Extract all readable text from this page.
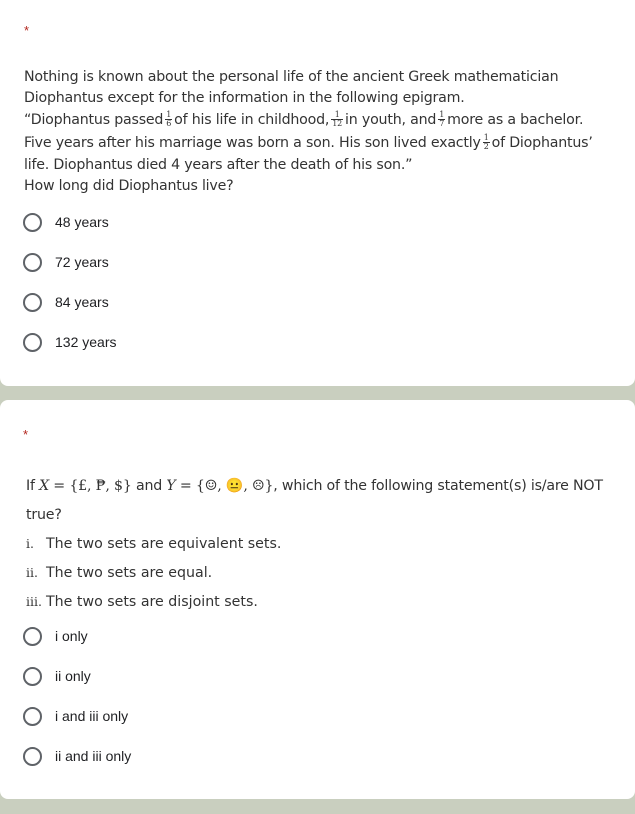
*
Nothing is known about the personal life of the ancient Greek mathematician
Diophantus except for the information in the following epigram.
“Diophantus passed $\frac{1}{6}$ of his life in childhood, $\frac{1}{12}$ in youth, and $\frac{1}{7}$ more as a bachelor.
Five years after his marriage was born a son. His son lived exactly $\frac{1}{2}$ of Diophantus’
life. Diophantus died 4 years after the death of his son.”
How long did Diophantus live?
48 years
72 years
84 years
132 years
*
If X = {£, ₱, $} and Y = {☺, 😐, ☹}, which of the following statement(s) is/are NOT
true?
i. The two sets are equivalent sets.
ii. The two sets are equal.
iii. The two sets are disjoint sets.
i only
ii only
i and iii only
ii and iii only
